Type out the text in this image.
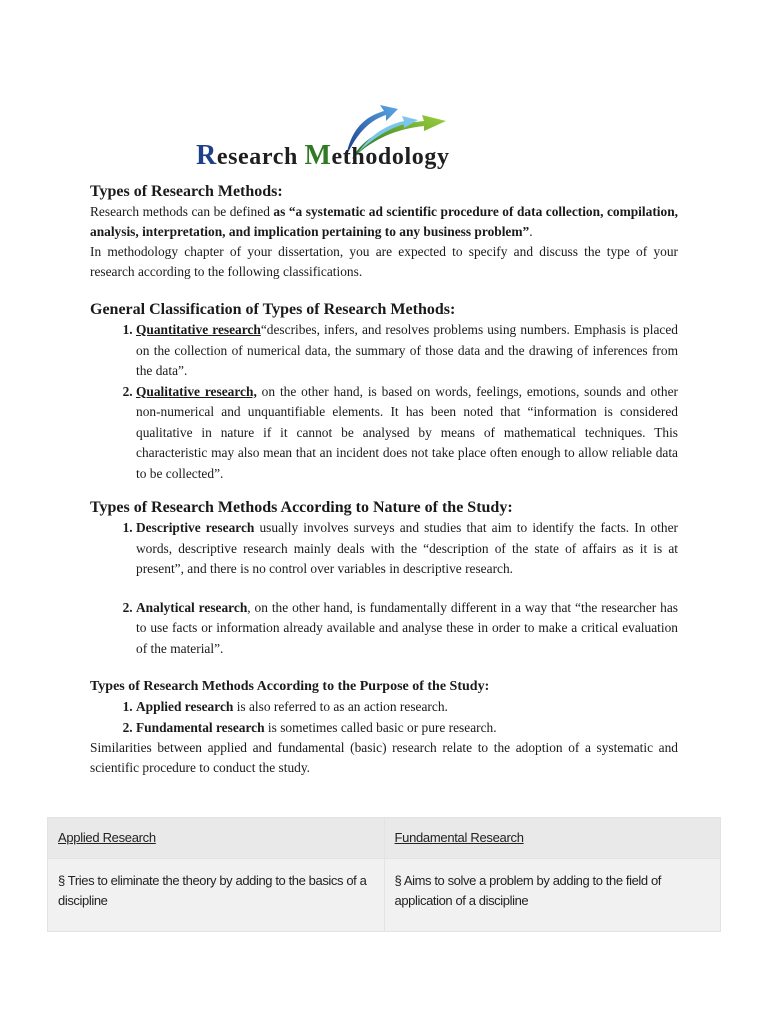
Research Methodology
Types of Research Methods:

Research methods can be defined as “a systematic ad scientific procedure of data collection, compilation, analysis, interpretation, and implication pertaining to any business problem”.

In methodology chapter of your dissertation, you are expected to specify and discuss the type of your research according to the following classifications.

General Classification of Types of Research Methods:
1. Quantitative research“describes, infers, and resolves problems using numbers. Emphasis is placed on the collection of numerical data, the summary of those data and the drawing of inferences from the data”.
2. Qualitative research, on the other hand, is based on words, feelings, emotions, sounds and other non-numerical and unquantifiable elements. It has been noted that “information is considered qualitative in nature if it cannot be analysed by means of mathematical techniques. This characteristic may also mean that an incident does not take place often enough to allow reliable data to be collected”.
Types of Research Methods According to Nature of the Study:
1. Descriptive research usually involves surveys and studies that aim to identify the facts. In other words, descriptive research mainly deals with the “description of the state of affairs as it is at present”, and there is no control over variables in descriptive research.
2. Analytical research, on the other hand, is fundamentally different in a way that “the researcher has to use facts or information already available and analyse these in order to make a critical evaluation of the material”.
Types of Research Methods According to the Purpose of the Study:
1. Applied research is also referred to as an action research.
2. Fundamental research is sometimes called basic or pure research.

Similarities between applied and fundamental (basic) research relate to the adoption of a systematic and scientific procedure to conduct the study.

Applied Research	Fundamental Research
§ Tries to eliminate the theory by adding to the basics of a discipline	§ Aims to solve a problem by adding to the field of application of a discipline
